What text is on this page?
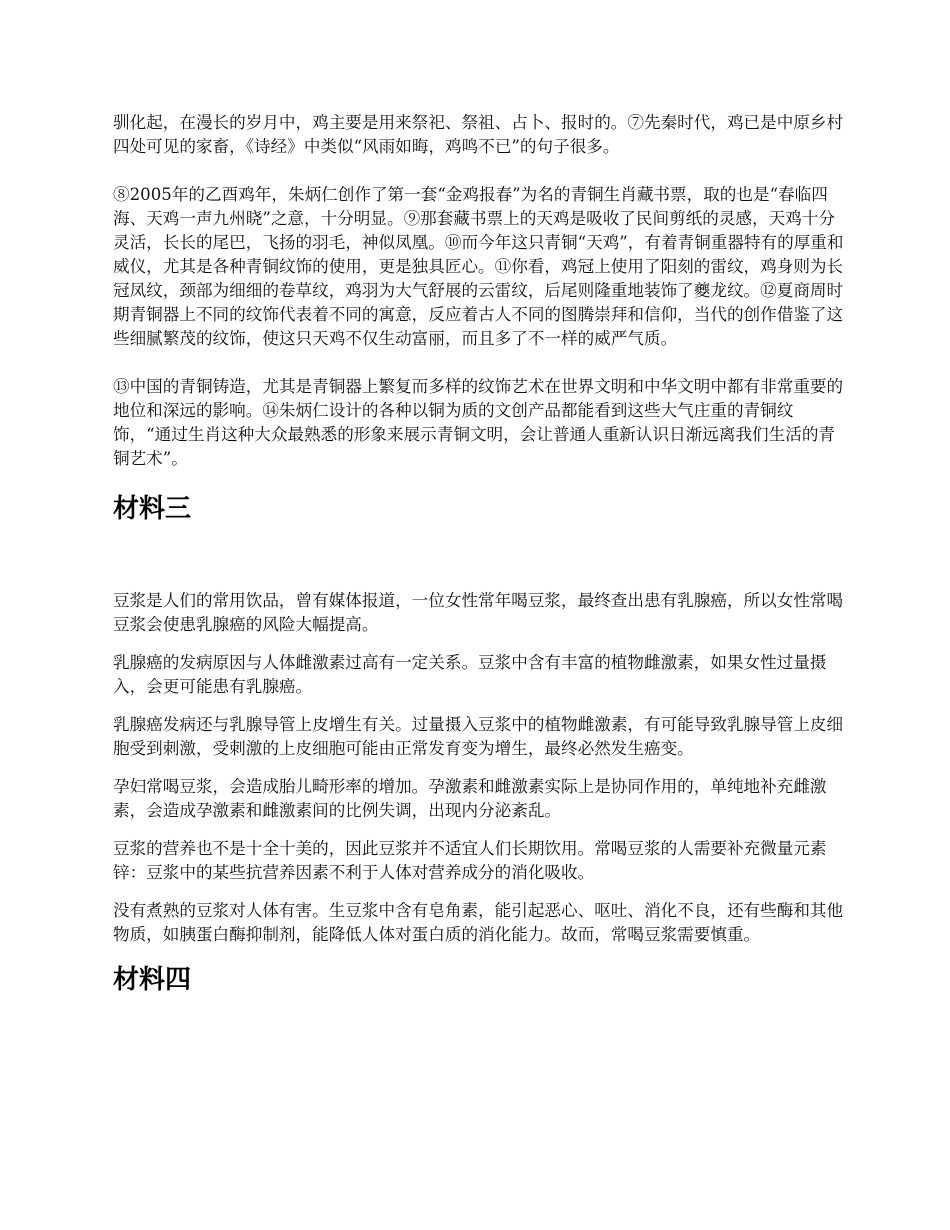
驯化起，在漫长的岁月中，鸡主要是用来祭祀、祭祖、占卜、报时的。⑦先秦时代，鸡已是中原乡村四处可见的家畜，《诗经》中类似“风雨如晦，鸡鸣不已”的句子很多。

⑧2005年的乙酉鸡年，朱炳仁创作了第一套“金鸡报春”为名的青铜生肖藏书票，取的也是“春临四海、天鸡一声九州晓”之意，十分明显。⑨那套藏书票上的天鸡是吸收了民间剪纸的灵感，天鸡十分灵活，长长的尾巴，飞扬的羽毛，神似凤凰。⑩而今年这只青铜“天鸡”，有着青铜重器特有的厚重和威仪，尤其是各种青铜纹饰的使用，更是独具匠心。⑪你看，鸡冠上使用了阳刻的雷纹，鸡身则为长冠凤纹，颈部为细细的卷草纹，鸡羽为大气舒展的云雷纹，后尾则隆重地装饰了夔龙纹。⑫夏商周时期青铜器上不同的纹饰代表着不同的寓意，反应着古人不同的图腾崇拜和信仰，当代的创作借鉴了这些细腻繁茂的纹饰，使这只天鸡不仅生动富丽，而且多了不一样的威严气质。

⑬中国的青铜铸造，尤其是青铜器上繁复而多样的纹饰艺术在世界文明和中华文明中都有非常重要的地位和深远的影响。⑭朱炳仁设计的各种以铜为质的文创产品都能看到这些大气庄重的青铜纹饰，“通过生肖这种大众最熟悉的形象来展示青铜文明，会让普通人重新认识日渐远离我们生活的青铜艺术”。

材料三

豆浆是人们的常用饮品，曾有媒体报道，一位女性常年喝豆浆，最终查出患有乳腺癌，所以女性常喝豆浆会使患乳腺癌的风险大幅提高。

乳腺癌的发病原因与人体雌激素过高有一定关系。豆浆中含有丰富的植物雌激素，如果女性过量摄入，会更可能患有乳腺癌。

乳腺癌发病还与乳腺导管上皮增生有关。过量摄入豆浆中的植物雌激素，有可能导致乳腺导管上皮细胞受到刺激，受刺激的上皮细胞可能由正常发育变为增生，最终必然发生癌变。

孕妇常喝豆浆，会造成胎儿畸形率的增加。孕激素和雌激素实际上是协同作用的，单纯地补充雌激素，会造成孕激素和雌激素间的比例失调，出现内分泌紊乱。

豆浆的营养也不是十全十美的，因此豆浆并不适宜人们长期饮用。常喝豆浆的人需要补充微量元素锌：豆浆中的某些抗营养因素不利于人体对营养成分的消化吸收。

没有煮熟的豆浆对人体有害。生豆浆中含有皂角素，能引起恶心、呕吐、消化不良，还有些酶和其他物质，如胰蛋白酶抑制剂，能降低人体对蛋白质的消化能力。故而，常喝豆浆需要慎重。

材料四
